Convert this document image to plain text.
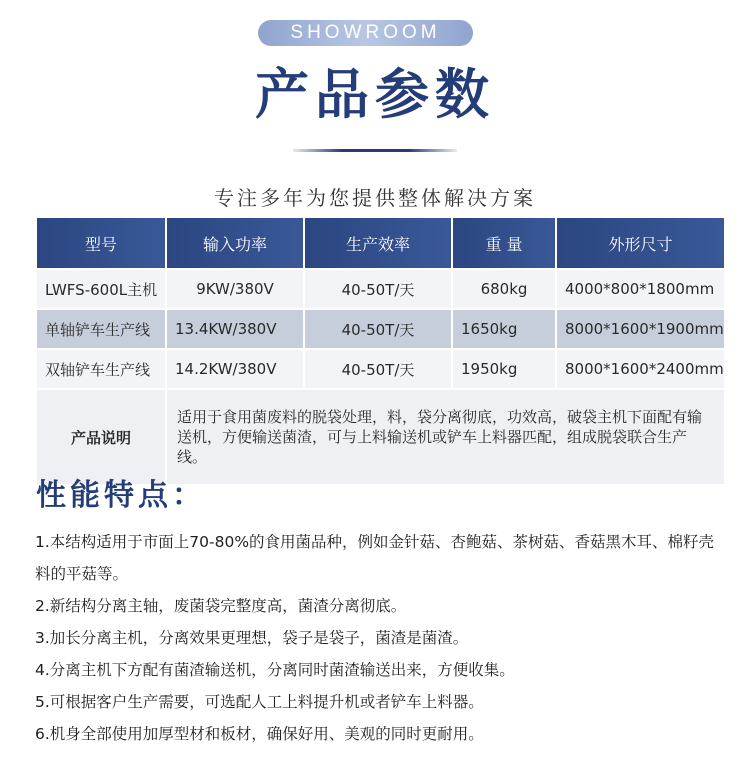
SHOWROOM
产品参数
专注多年为您提供整体解决方案
型号	输入功率	生产效率	重 量	外形尺寸
LWFS-600L主机	9KW/380V	40-50T/天	680kg	4000*800*1800mm
单轴铲车生产线	13.4KW/380V	40-50T/天	1650kg	8000*1600*1900mm
双轴铲车生产线	14.2KW/380V	40-50T/天	1950kg	8000*1600*2400mm
产品说明	适用于食用菌废料的脱袋处理，料，袋分离彻底，功效高，破袋主机下面配有输送机，方便输送菌渣，可与上料输送机或铲车上料器匹配，组成脱袋联合生产线。			
性能特点：
1.本结构适用于市面上70-80%的食用菌品种，例如金针菇、杏鲍菇、茶树菇、香菇黑木耳、棉籽壳料的平菇等。
2.新结构分离主轴，废菌袋完整度高，菌渣分离彻底。
3.加长分离主机，分离效果更理想，袋子是袋子，菌渣是菌渣。
4.分离主机下方配有菌渣输送机，分离同时菌渣输送出来，方便收集。
5.可根据客户生产需要，可选配人工上料提升机或者铲车上料器。
6.机身全部使用加厚型材和板材，确保好用、美观的同时更耐用。
